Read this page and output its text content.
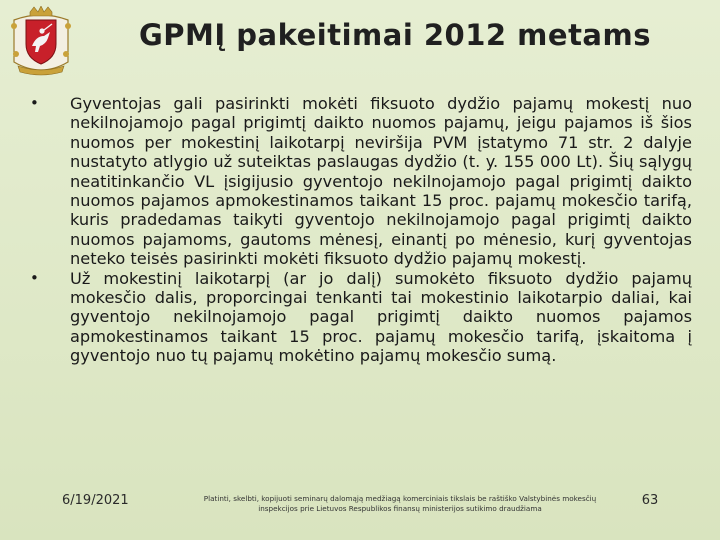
GPMĮ pakeitimai 2012 metams
• Gyventojas gali pasirinkti mokėti fiksuoto dydžio pajamų mokestį nuo nekilnojamojo pagal prigimtį daikto nuomos pajamų, jeigu pajamos iš šios nuomos per mokestinį laikotarpį neviršija PVM įstatymo 71 str. 2 dalyje nustatyto atlygio už suteiktas paslaugas dydžio (t. y. 155 000 Lt). Šių sąlygų neatitinkančio VL įsigijusio gyventojo nekilnojamojo pagal prigimtį daikto nuomos pajamos apmokestinamos taikant 15 proc. pajamų mokesčio tarifą, kuris pradedamas taikyti gyventojo nekilnojamojo pagal prigimtį daikto nuomos pajamoms, gautoms mėnesį, einantį po mėnesio, kurį gyventojas neteko teisės pasirinkti mokėti fiksuoto dydžio pajamų mokestį.
• Už mokestinį laikotarpį (ar jo dalį) sumokėto fiksuoto dydžio pajamų mokesčio dalis, proporcingai tenkanti tai mokestinio laikotarpio daliai, kai gyventojo nekilnojamojo pagal prigimtį daikto nuomos pajamos apmokestinamos taikant 15 proc. pajamų mokesčio tarifą, įskaitoma į gyventojo nuo tų pajamų mokėtino pajamų mokesčio sumą.
6/19/2021	Platinti, skelbti, kopijuoti seminarų dalomąją medžiagą komerciniais tikslais be raštiško Valstybinės mokesčių inspekcijos prie Lietuvos Respublikos finansų ministerijos sutikimo draudžiama	63
